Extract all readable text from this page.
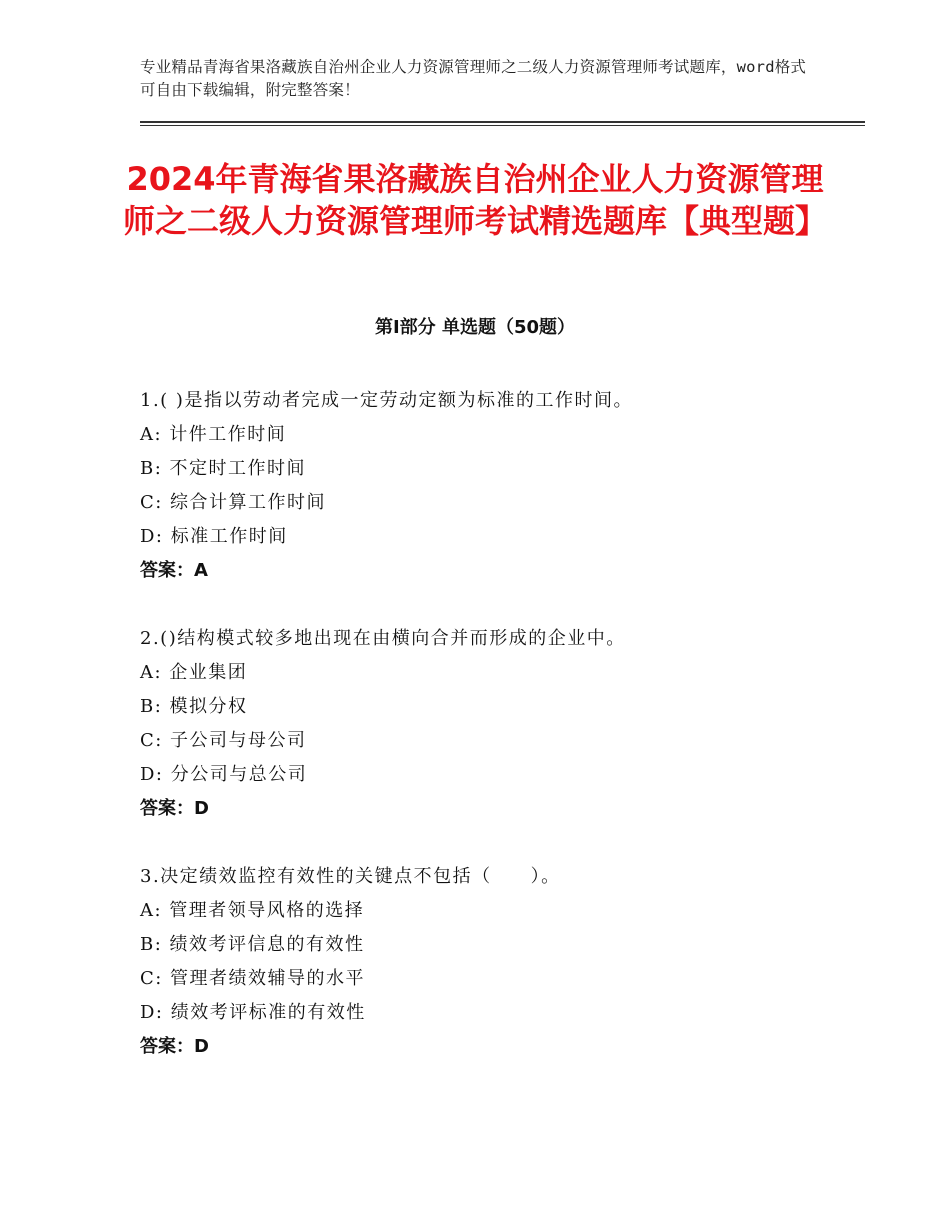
专业精品青海省果洛藏族自治州企业人力资源管理师之二级人力资源管理师考试题库，word格式可自由下载编辑，附完整答案！
2024年青海省果洛藏族自治州企业人力资源管理师之二级人力资源管理师考试精选题库【典型题】
第Ⅰ部分 单选题（50题）
1.( )是指以劳动者完成一定劳动定额为标准的工作时间。
A: 计件工作时间
B: 不定时工作时间
C: 综合计算工作时间
D: 标准工作时间
答案：A
2.()结构模式较多地出现在由横向合并而形成的企业中。
A: 企业集团
B: 模拟分权
C: 子公司与母公司
D: 分公司与总公司
答案：D
3.决定绩效监控有效性的关键点不包括（　　）。
A: 管理者领导风格的选择
B: 绩效考评信息的有效性
C: 管理者绩效辅导的水平
D: 绩效考评标准的有效性
答案：D
